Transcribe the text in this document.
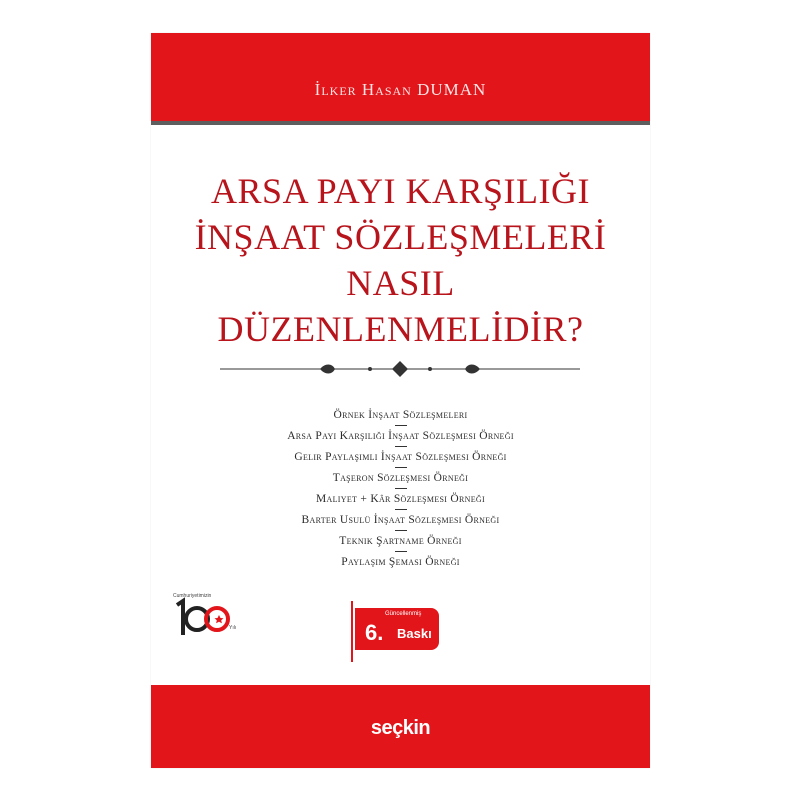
İlker Hasan DUMAN
ARSA PAYI KARŞILIĞI
İNŞAAT SÖZLEŞMELERİ
NASIL
DÜZENLENMELİDİR?
Örnek İnşaat Sözleşmeleri
Arsa Payı Karşılığı İnşaat Sözleşmesi Örneği
Gelir Paylaşımlı İnşaat Sözleşmesi Örneği
Taşeron Sözleşmesi Örneği
Maliyet + Kâr Sözleşmesi Örneği
Barter Usulü İnşaat Sözleşmesi Örneği
Teknik Şartname Örneği
Paylaşım Şeması Örneği
Cumhuriyetimizin
Yılı
Güncellenmiş
6. Baskı
seçkin
